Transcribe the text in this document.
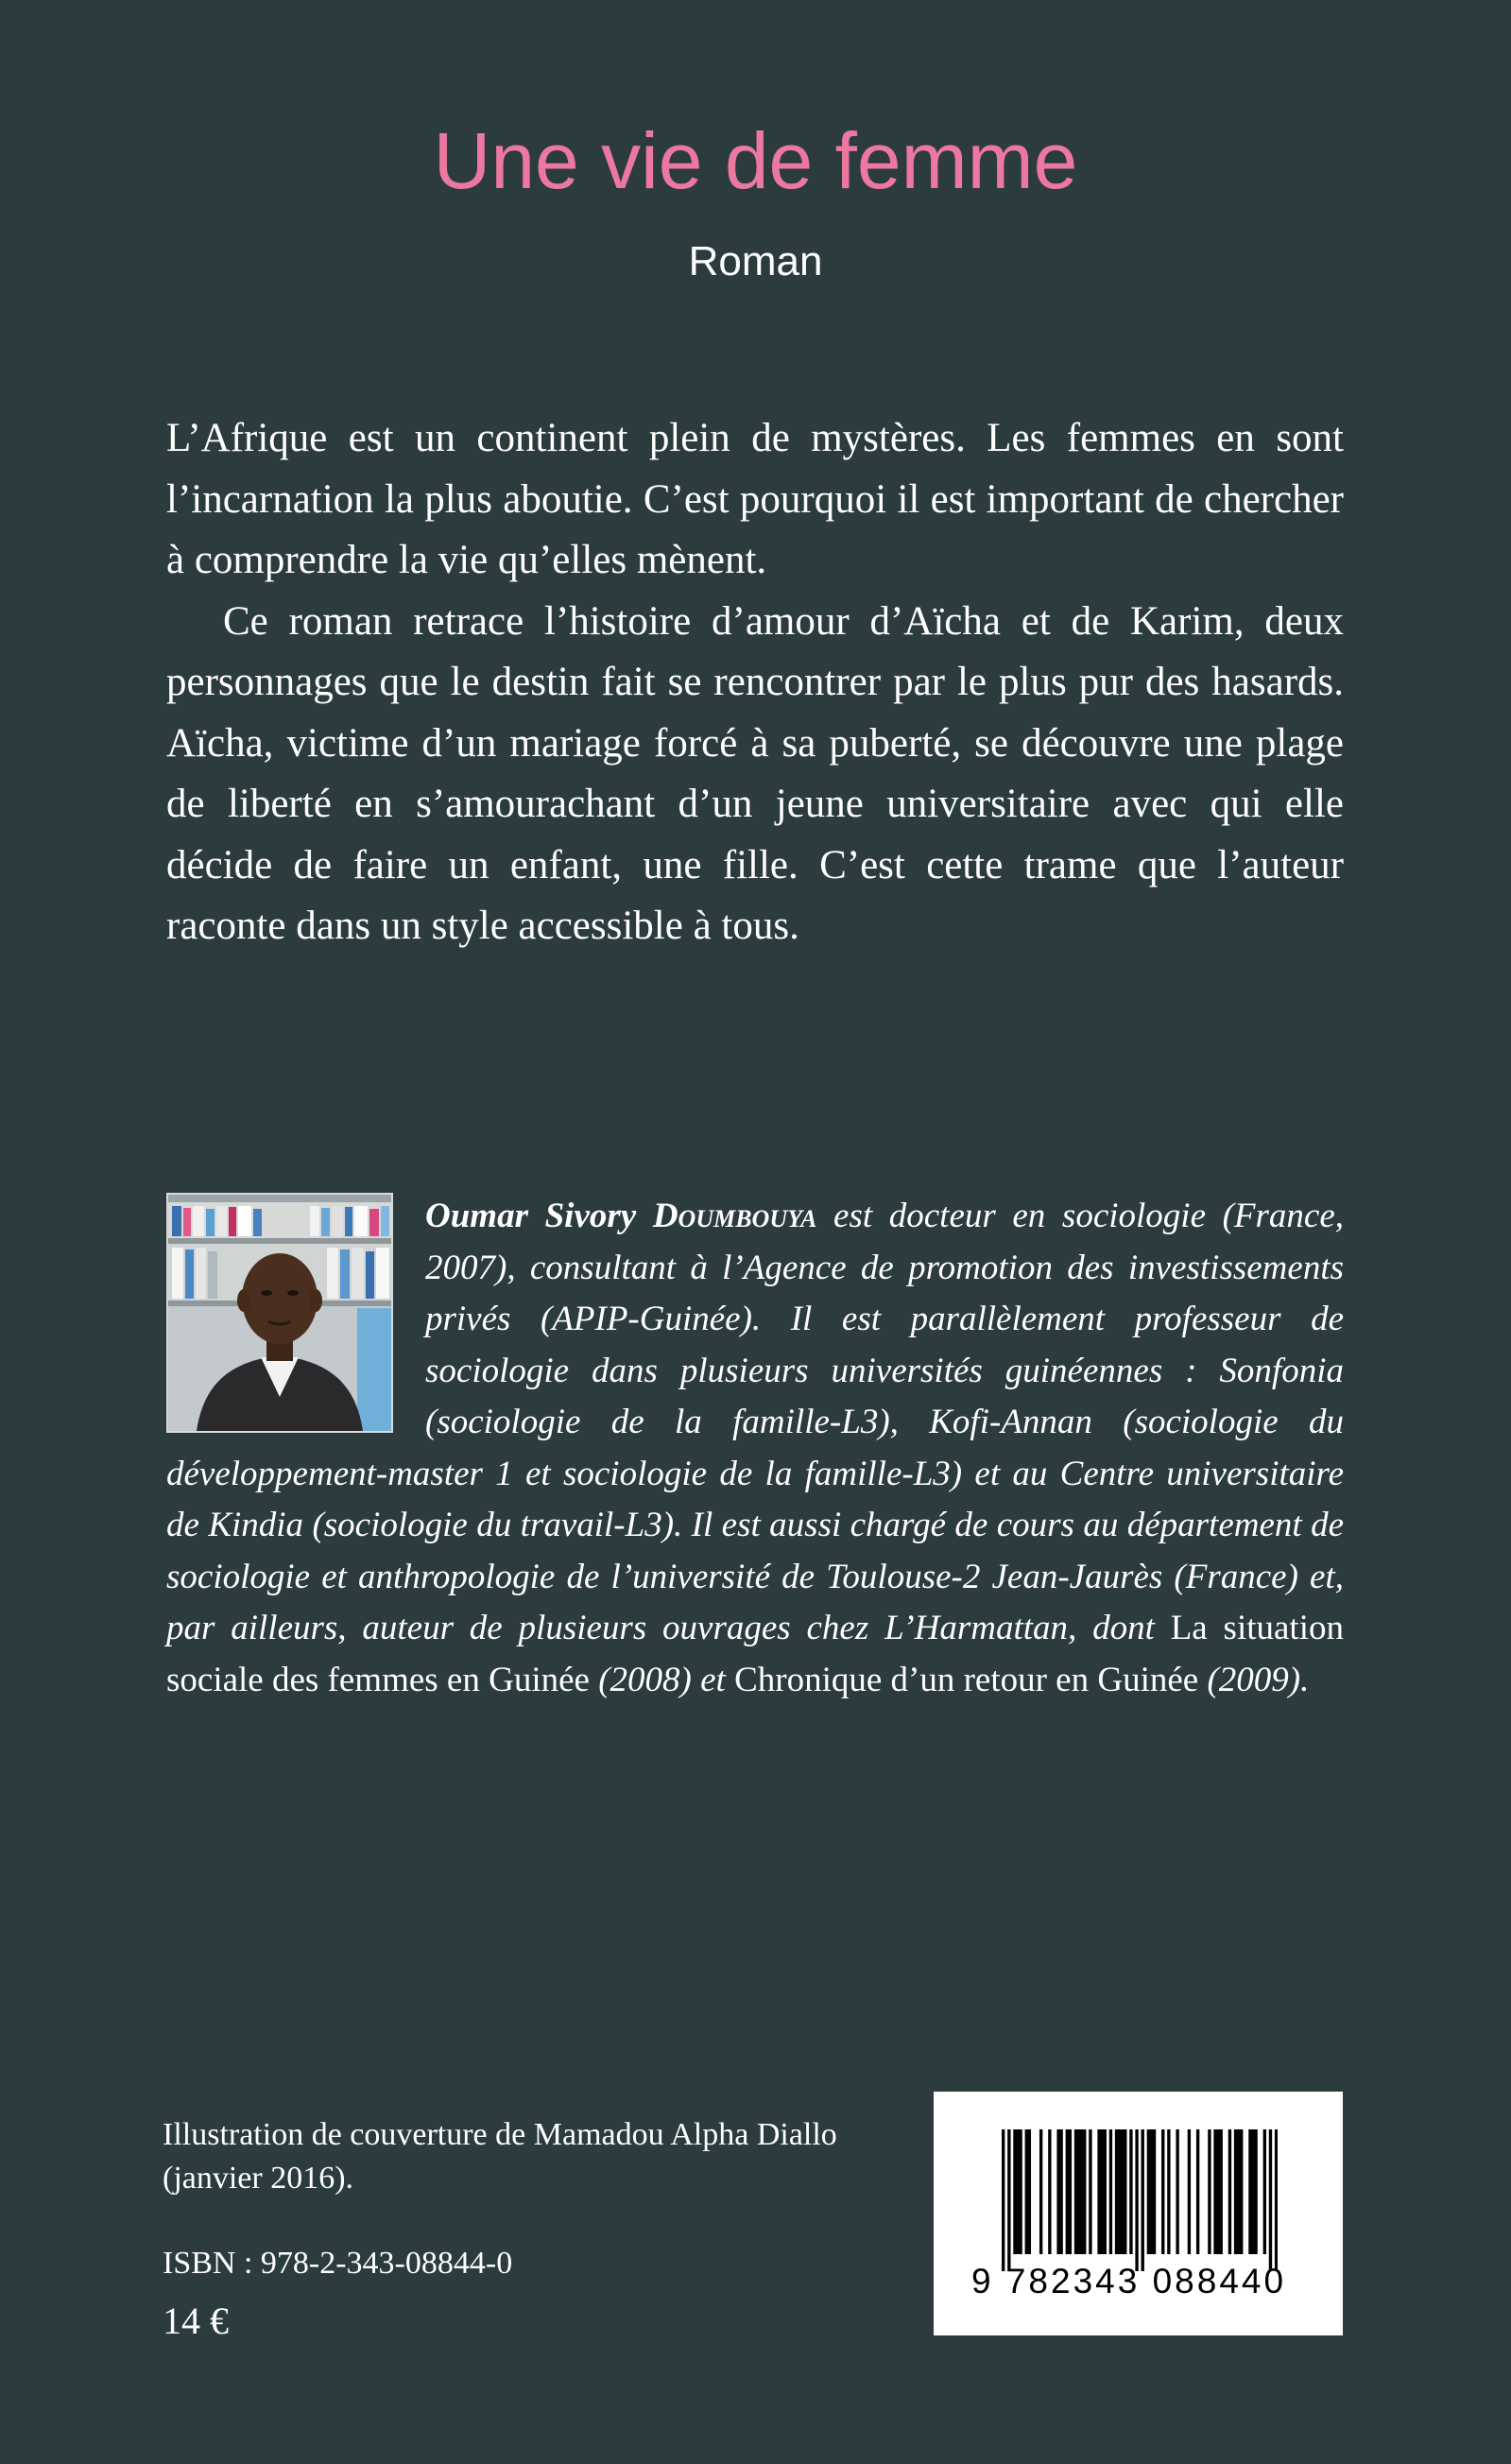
Une vie de femme
Roman

L’Afrique est un continent plein de mystères. Les femmes en sont l’incarnation la plus aboutie. C’est pourquoi il est important de chercher à comprendre la vie qu’elles mènent.

Ce roman retrace l’histoire d’amour d’Aïcha et de Karim, deux personnages que le destin fait se rencontrer par le plus pur des hasards. Aïcha, victime d’un mariage forcé à sa puberté, se découvre une plage de liberté en s’amourachant d’un jeune universitaire avec qui elle décide de faire un enfant, une fille. C’est cette trame que l’auteur raconte dans un style accessible à tous.

Oumar Sivory Doumbouya est docteur en sociologie (France, 2007), consultant à l’Agence de promotion des investissements privés (APIP-Guinée). Il est parallèlement professeur de sociologie dans plusieurs universités guinéennes : Sonfonia (sociologie de la famille-L3), Kofi-Annan (sociologie du développement-master 1 et sociologie de la famille-L3) et au Centre universitaire de Kindia (sociologie du travail-L3). Il est aussi chargé de cours au département de sociologie et anthropologie de l’université de Toulouse-2 Jean-Jaurès (France) et, par ailleurs, auteur de plusieurs ouvrages chez L’Harmattan, dont La situation sociale des femmes en Guinée (2008) et Chronique d’un retour en Guinée (2009).

Illustration de couverture de Mamadou Alpha Diallo (janvier 2016).

ISBN : 978-2-343-08844-0
14 €
9 782343 088440
